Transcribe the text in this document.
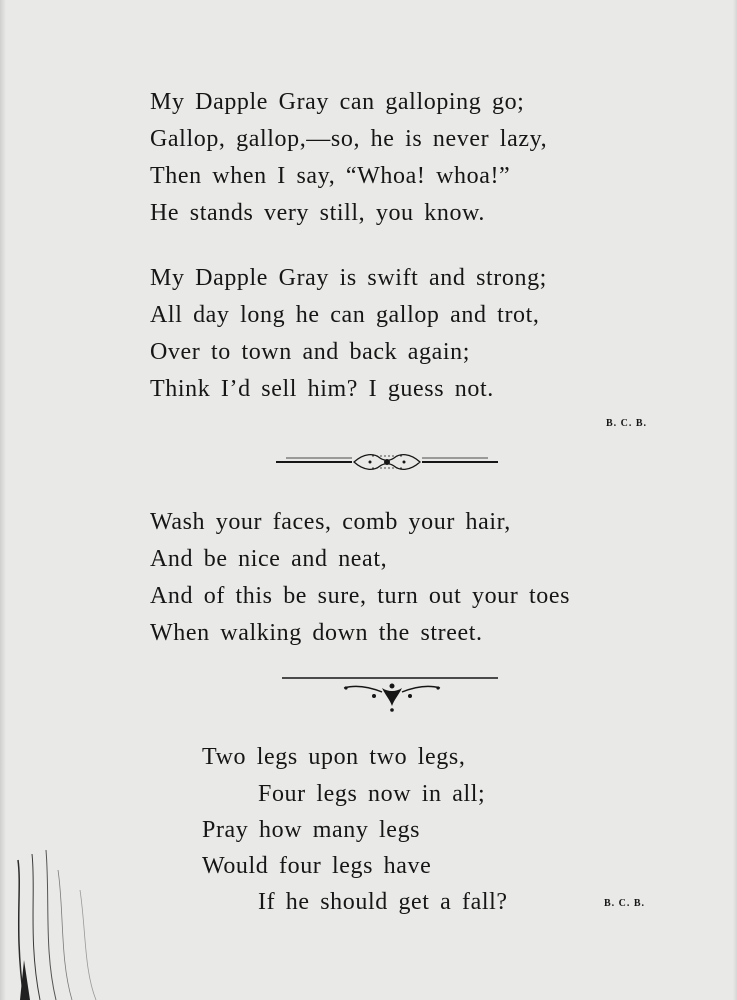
My Dapple Gray can galloping go;
Gallop, gallop,—so, he is never lazy,
Then when I say, “Whoa! whoa!”
He stands very still, you know.
My Dapple Gray is swift and strong;
All day long he can gallop and trot,
Over to town and back again;
Think I’d sell him? I guess not.
B. C. B.
Wash your faces, comb your hair,
And be nice and neat,
And of this be sure, turn out your toes
When walking down the street.
Two legs upon two legs,
Four legs now in all;
Pray how many legs
Would four legs have
If he should get a fall?	B. C. B.
